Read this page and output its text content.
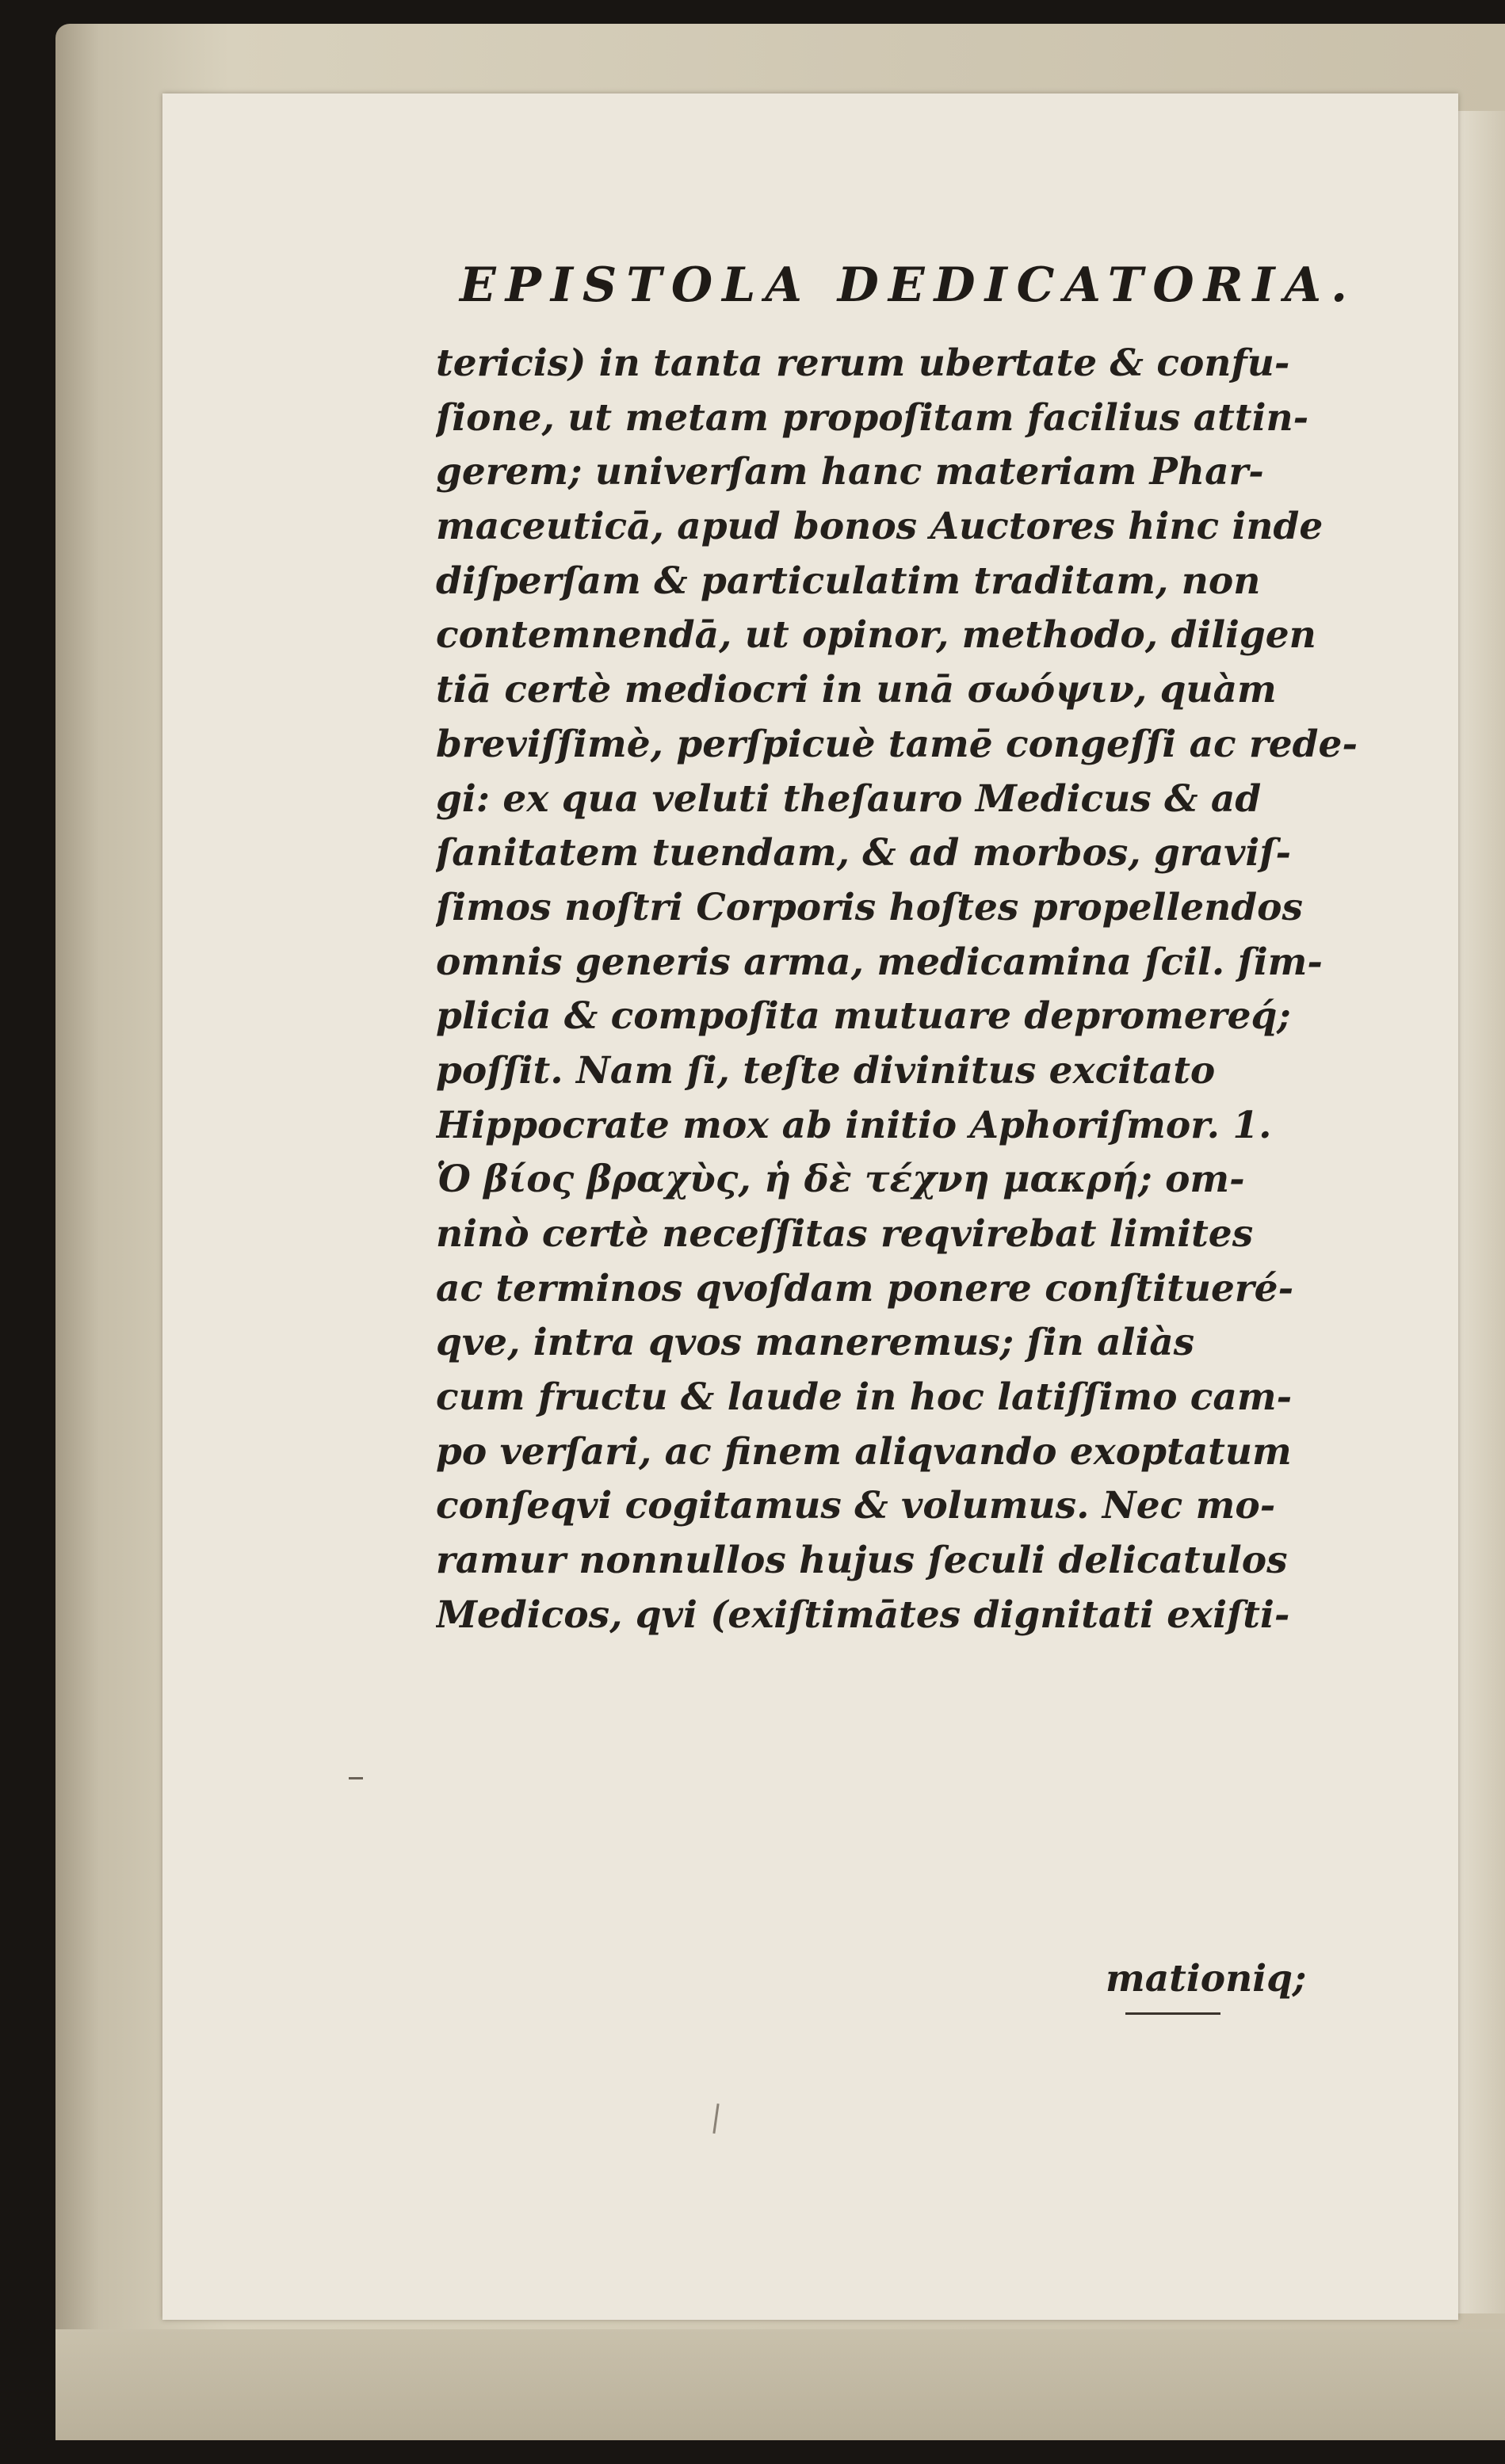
EPISTOLA DEDICATORIA.
tericis) in tanta rerum ubertate & confu-
ſione, ut metam propoſitam facilius attin-
gerem; univerſam hanc materiam Phar-
maceuticā, apud bonos Auctores hinc inde
diſperſam & particulatim traditam, non
contemnendā, ut opinor, methodo, diligen
tiā certè mediocri in unā σωόψιν, quàm
breviſſimè, perſpicuè tamē congeſſi ac rede-
gi: ex qua veluti theſauro Medicus & ad
ſanitatem tuendam, & ad morbos, graviſ-
ſimos noſtri Corporis hoſtes propellendos
omnis generis arma, medicamina ſcil. ſim-
plicia & compoſita mutuare depromereq́;
poſſit. Nam ſi, teſte divinitus excitato
Hippocrate mox ab initio Aphoriſmor. 1.
Ὁ βίος βραχὺς, ἡ δὲ τέχνη μακρή; om-
ninò certè neceſſitas reqvirebat limites
ac terminos qvoſdam ponere conſtitueré-
qve, intra qvos maneremus; ſin aliàs
cum fructu & laude in hoc latiſſimo cam-
po verſari, ac finem aliqvando exoptatum
conſeqvi cogitamus & volumus. Nec mo-
ramur nonnullos hujus ſeculi delicatulos
Medicos, qvi (exiſtimātes dignitati exiſti-
mationiq;
